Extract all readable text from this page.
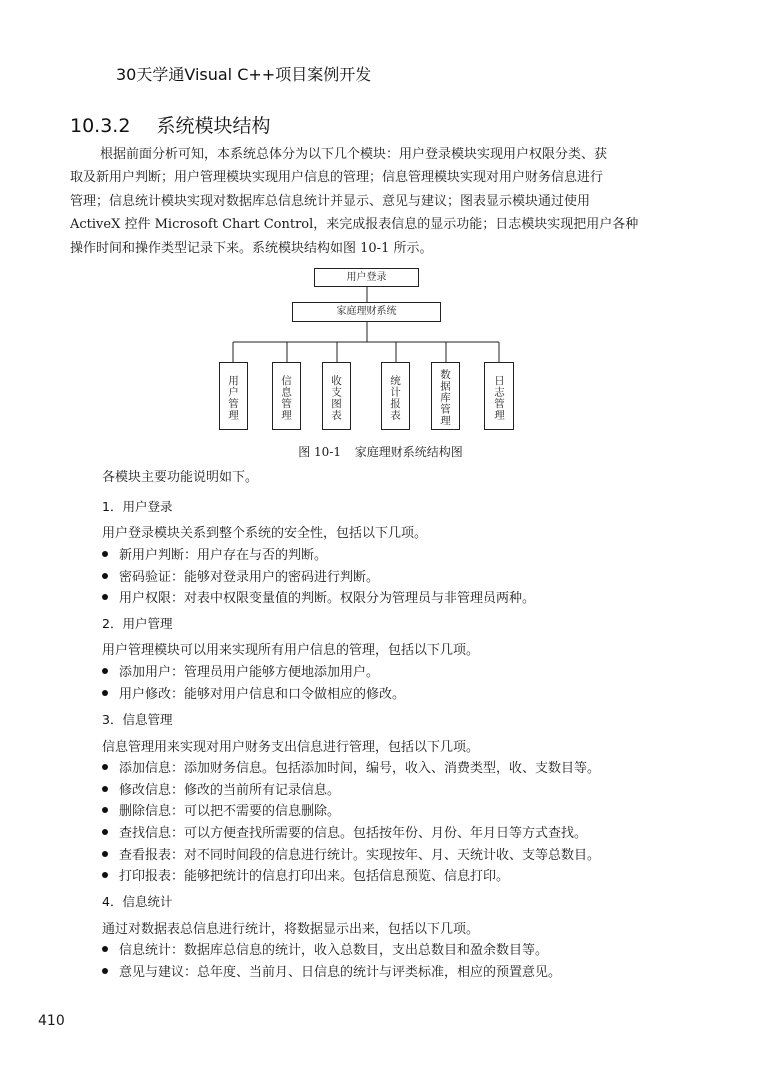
30天学通Visual C++项目案例开发
10.3.2 系统模块结构
根据前面分析可知，本系统总体分为以下几个模块：用户登录模块实现用户权限分类、获
取及新用户判断；用户管理模块实现用户信息的管理；信息管理模块实现对用户财务信息进行
管理；信息统计模块实现对数据库总信息统计并显示、意见与建议；图表显示模块通过使用
ActiveX 控件 Microsoft Chart Control，来完成报表信息的显示功能；日志模块实现把用户各种
操作时间和操作类型记录下来。系统模块结构如图 10-1 所示。
用户登录
家庭理财系统
用户管理	信息管理	收支图表	统计报表	数据库管理	日志管理
图 10-1 家庭理财系统结构图
各模块主要功能说明如下。
1．用户登录
用户登录模块关系到整个系统的安全性，包括以下几项。
新用户判断：用户存在与否的判断。
密码验证：能够对登录用户的密码进行判断。
用户权限：对表中权限变量值的判断。权限分为管理员与非管理员两种。
2．用户管理
用户管理模块可以用来实现所有用户信息的管理，包括以下几项。
添加用户：管理员用户能够方便地添加用户。
用户修改：能够对用户信息和口令做相应的修改。
3．信息管理
信息管理用来实现对用户财务支出信息进行管理，包括以下几项。
添加信息：添加财务信息。包括添加时间，编号，收入、消费类型，收、支数目等。
修改信息：修改的当前所有记录信息。
删除信息：可以把不需要的信息删除。
查找信息：可以方便查找所需要的信息。包括按年份、月份、年月日等方式查找。
查看报表：对不同时间段的信息进行统计。实现按年、月、天统计收、支等总数目。
打印报表：能够把统计的信息打印出来。包括信息预览、信息打印。
4．信息统计
通过对数据表总信息进行统计，将数据显示出来，包括以下几项。
信息统计：数据库总信息的统计，收入总数目，支出总数目和盈余数目等。
意见与建议：总年度、当前月、日信息的统计与评类标准，相应的预置意见。
410
